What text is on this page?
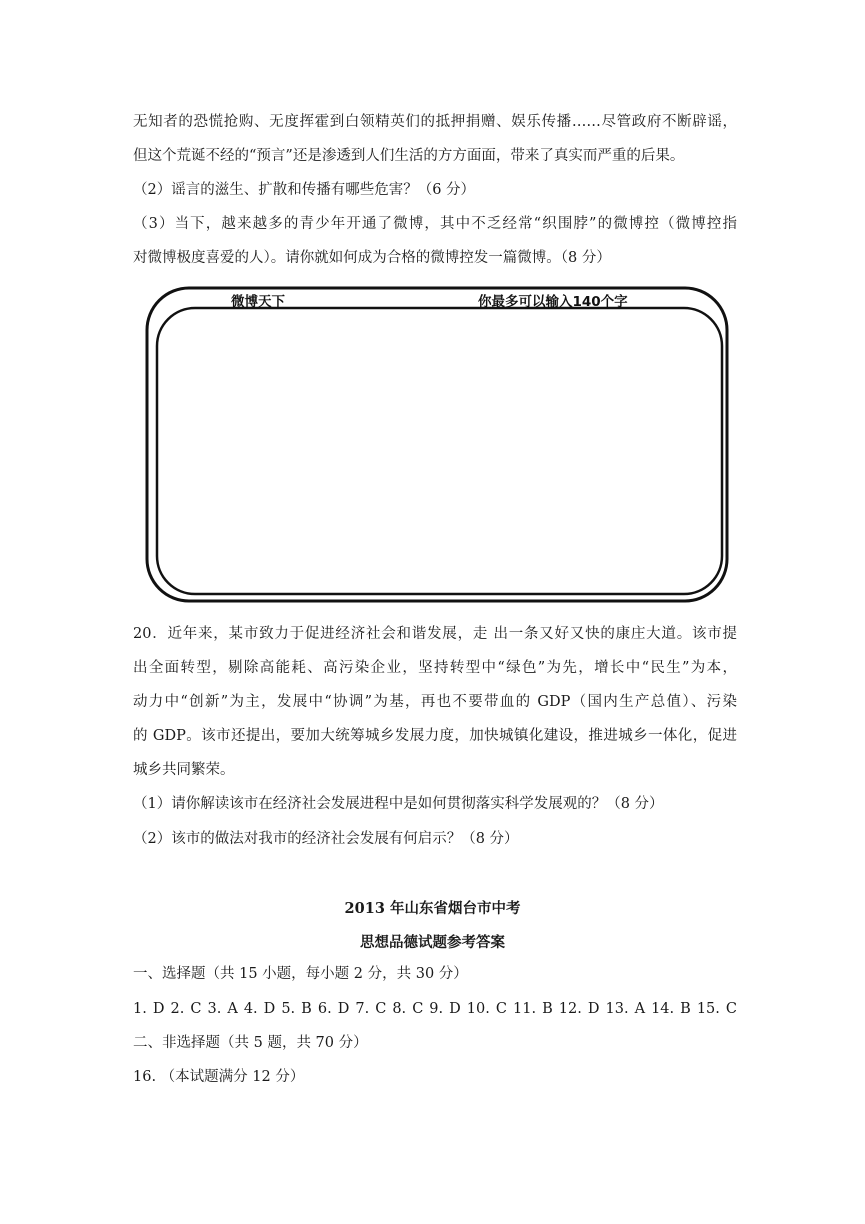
无知者的恐慌抢购、无度挥霍到白领精英们的抵押捐赠、娱乐传播……尽管政府不断辟谣，
但这个荒诞不经的“预言”还是渗透到人们生活的方方面面，带来了真实而严重的后果。
（2）谣言的滋生、扩散和传播有哪些危害？（6 分）
（3）当下，越来越多的青少年开通了微博，其中不乏经常“织围脖”的微博控（微博控指
对微博极度喜爱的人）。请你就如何成为合格的微博控发一篇微博。（8 分）
微博天下	你最多可以输入140个字
20．近年来，某市致力于促进经济社会和谐发展，走 出一条又好又快的康庄大道。该市提
出全面转型，剔除高能耗、高污染企业，坚持转型中“绿色”为先，增长中“民生”为本，
动力中“创新”为主，发展中“协调”为基，再也不要带血的 GDP（国内生产总值）、污染
的 GDP。该市还提出，要加大统筹城乡发展力度，加快城镇化建设，推进城乡一体化，促进
城乡共同繁荣。
（1）请你解读该市在经济社会发展进程中是如何贯彻落实科学发展观的？（8 分）
（2）该市的做法对我市的经济社会发展有何启示？（8 分）
2013 年山东省烟台市中考
思想品德试题参考答案
一、选择题（共 15 小题，每小题 2 分，共 30 分）
1. D 2. C 3. A 4. D 5. B 6. D 7. C 8. C 9. D 10. C 11. B 12. D 13. A 14. B 15. C
二、非选择题（共 5 题，共 70 分）
16. （本试题满分 12 分）
